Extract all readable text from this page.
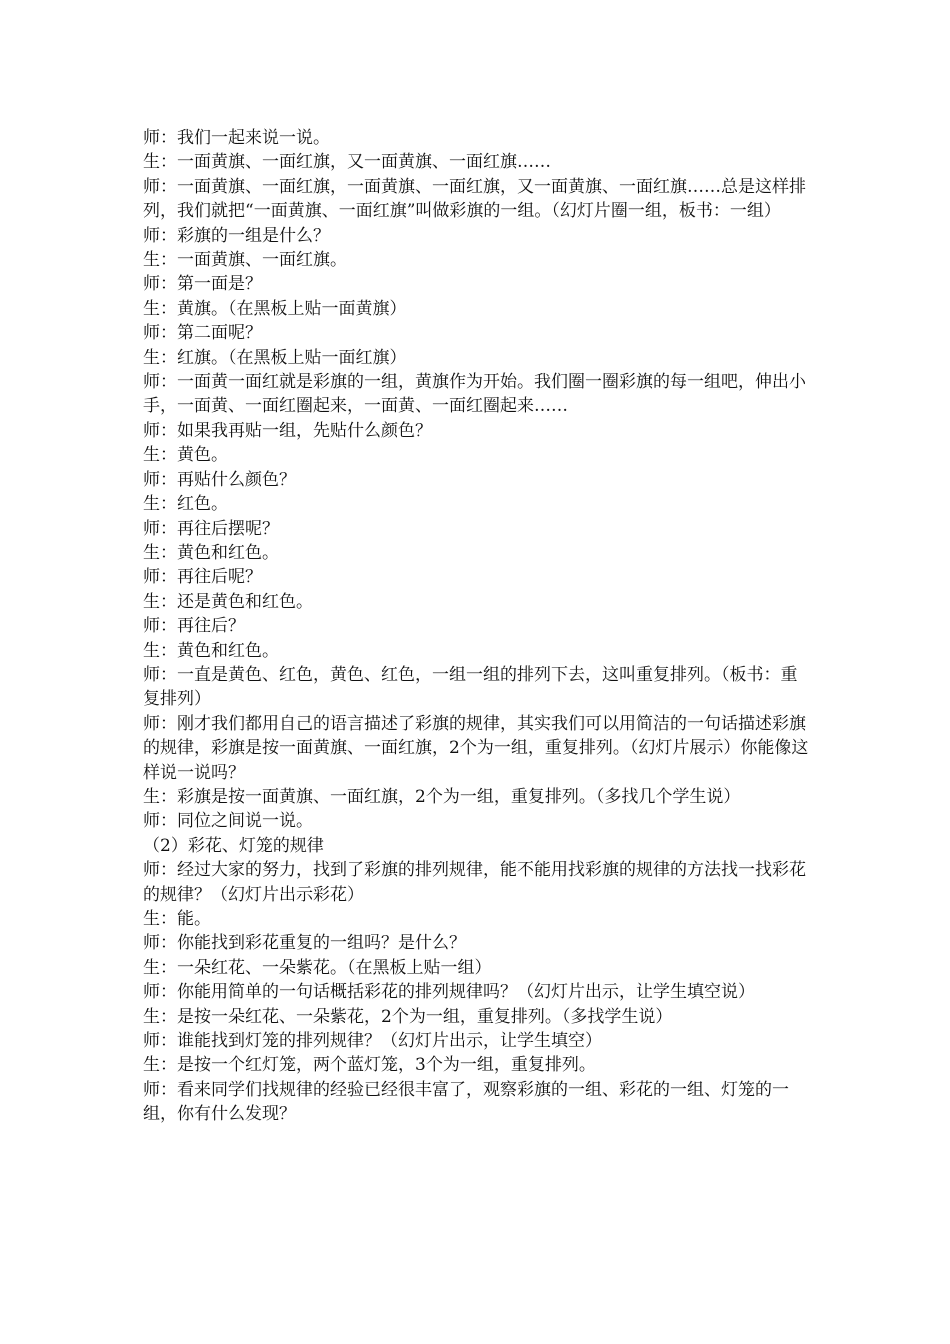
师：我们一起来说一说。

生：一面黄旗、一面红旗，又一面黄旗、一面红旗……

师：一面黄旗、一面红旗，一面黄旗、一面红旗，又一面黄旗、一面红旗……总是这样排列，我们就把“一面黄旗、一面红旗”叫做彩旗的一组。（幻灯片圈一组，板书：一组）

师：彩旗的一组是什么？

生：一面黄旗、一面红旗。

师：第一面是？

生：黄旗。（在黑板上贴一面黄旗）

师：第二面呢？

生：红旗。（在黑板上贴一面红旗）

师：一面黄一面红就是彩旗的一组，黄旗作为开始。我们圈一圈彩旗的每一组吧，伸出小手，一面黄、一面红圈起来，一面黄、一面红圈起来……

师：如果我再贴一组，先贴什么颜色？

生：黄色。

师：再贴什么颜色？

生：红色。

师：再往后摆呢？

生：黄色和红色。

师：再往后呢？

生：还是黄色和红色。

师：再往后？

生：黄色和红色。

师：一直是黄色、红色，黄色、红色，一组一组的排列下去，这叫重复排列。（板书：重复排列）

师：刚才我们都用自己的语言描述了彩旗的规律，其实我们可以用简洁的一句话描述彩旗的规律，彩旗是按一面黄旗、一面红旗，2个为一组，重复排列。（幻灯片展示）你能像这样说一说吗？

生：彩旗是按一面黄旗、一面红旗，2个为一组，重复排列。（多找几个学生说）

师：同位之间说一说。

（2）彩花、灯笼的规律

师：经过大家的努力，找到了彩旗的排列规律，能不能用找彩旗的规律的方法找一找彩花的规律？（幻灯片出示彩花）

生：能。

师：你能找到彩花重复的一组吗？是什么？

生：一朵红花、一朵紫花。（在黑板上贴一组）

师：你能用简单的一句话概括彩花的排列规律吗？（幻灯片出示，让学生填空说）

生：是按一朵红花、一朵紫花，2个为一组，重复排列。（多找学生说）

师：谁能找到灯笼的排列规律？（幻灯片出示，让学生填空）

生：是按一个红灯笼，两个蓝灯笼，3个为一组，重复排列。

师：看来同学们找规律的经验已经很丰富了，观察彩旗的一组、彩花的一组、灯笼的一组，你有什么发现？
